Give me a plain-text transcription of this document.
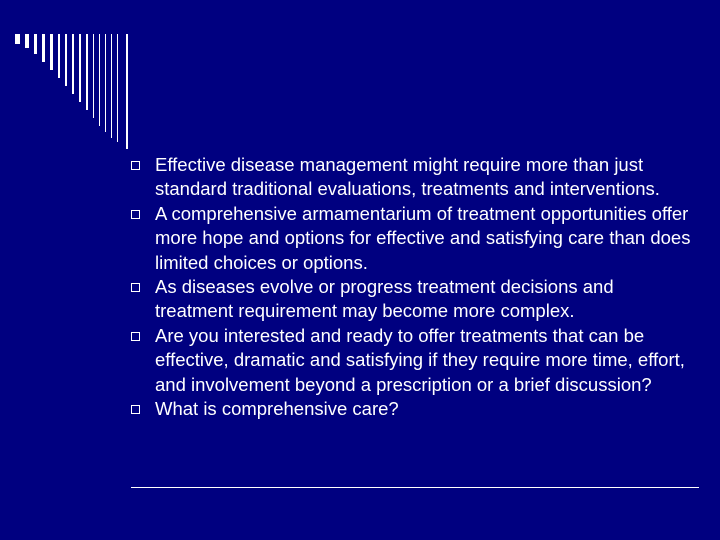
Effective disease management might require more than just standard traditional evaluations, treatments and interventions.
A comprehensive armamentarium of treatment opportunities offer more hope and options for effective and satisfying care than does limited choices or options.
As diseases evolve or progress treatment decisions and treatment requirement may become more complex.
Are you interested and ready to offer treatments that can be effective, dramatic and satisfying if they require more time, effort, and involvement beyond a prescription or a brief discussion?
What is comprehensive care?
